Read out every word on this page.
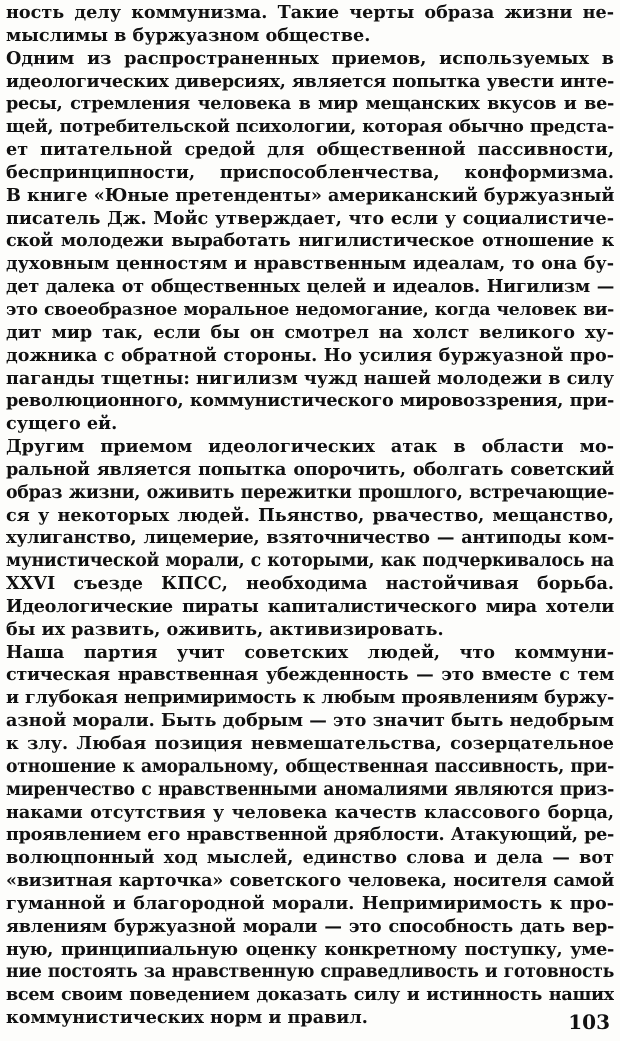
ность делу коммунизма. Такие черты образа жизни не-
мыслимы в буржуазном обществе.
Одним из распространенных приемов, используемых в
идеологических диверсиях, является попытка увести инте-
ресы, стремления человека в мир мещанских вкусов и ве-
щей, потребительской психологии, которая обычно предста-
ет питательной средой для общественной пассивности,
беспринципности, приспособленчества, конформизма.
В книге «Юные претенденты» американский буржуазный
писатель Дж. Мойс утверждает, что если у социалистиче-
ской молодежи выработать нигилистическое отношение к
духовным ценностям и нравственным идеалам, то она бу-
дет далека от общественных целей и идеалов. Нигилизм —
это своеобразное моральное недомогание, когда человек ви-
дит мир так, если бы он смотрел на холст великого ху-
дожника с обратной стороны. Но усилия буржуазной про-
паганды тщетны: нигилизм чужд нашей молодежи в силу
революционного, коммунистического мировоззрения, при-
сущего ей.
Другим приемом идеологических атак в области мо-
ральной является попытка опорочить, оболгать советский
образ жизни, оживить пережитки прошлого, встречающие-
ся у некоторых людей. Пьянство, рвачество, мещанство,
хулиганство, лицемерие, взяточничество — антиподы ком-
мунистической морали, с которыми, как подчеркивалось на
XXVI съезде КПСС, необходима настойчивая борьба.
Идеологические пираты капиталистического мира хотели
бы их развить, оживить, активизировать.
Наша партия учит советских людей, что коммуни-
стическая нравственная убежденность — это вместе с тем
и глубокая непримиримость к любым проявлениям буржу-
азной морали. Быть добрым — это значит быть недобрым
к злу. Любая позиция невмешательства, созерцательное
отношение к аморальному, общественная пассивность, при-
миренчество с нравственными аномалиями являются приз-
наками отсутствия у человека качеств классового борца,
проявлением его нравственной дряблости. Атакующий, ре-
волюцпонный ход мыслей, единство слова и дела — вот
«визитная карточка» советского человека, носителя самой
гуманной и благородной морали. Непримиримость к про-
явлениям буржуазной морали — это способность дать вер-
ную, принципиальную оценку конкретному поступку, уме-
ние постоять за нравственную справедливость и готовность
всем своим поведением доказать силу и истинность наших
коммунистических норм и правил.	103
